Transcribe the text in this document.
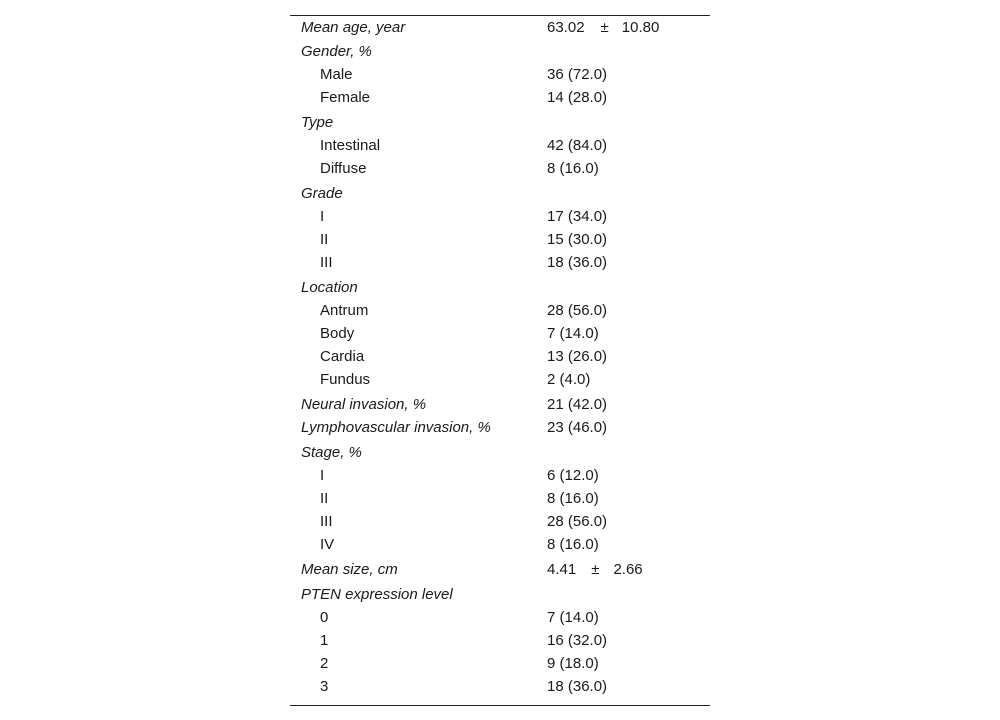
Mean age, year	63.02 ± 10.80
Gender, %
Male	36 (72.0)
Female	14 (28.0)
Type
Intestinal	42 (84.0)
Diffuse	8 (16.0)
Grade
I	17 (34.0)
II	15 (30.0)
III	18 (36.0)
Location
Antrum	28 (56.0)
Body	7 (14.0)
Cardia	13 (26.0)
Fundus	2 (4.0)
Neural invasion, %	21 (42.0)
Lymphovascular invasion, %	23 (46.0)
Stage, %
I	6 (12.0)
II	8 (16.0)
III	28 (56.0)
IV	8 (16.0)
Mean size, cm	4.41 ± 2.66
PTEN expression level
0	7 (14.0)
1	16 (32.0)
2	9 (18.0)
3	18 (36.0)
